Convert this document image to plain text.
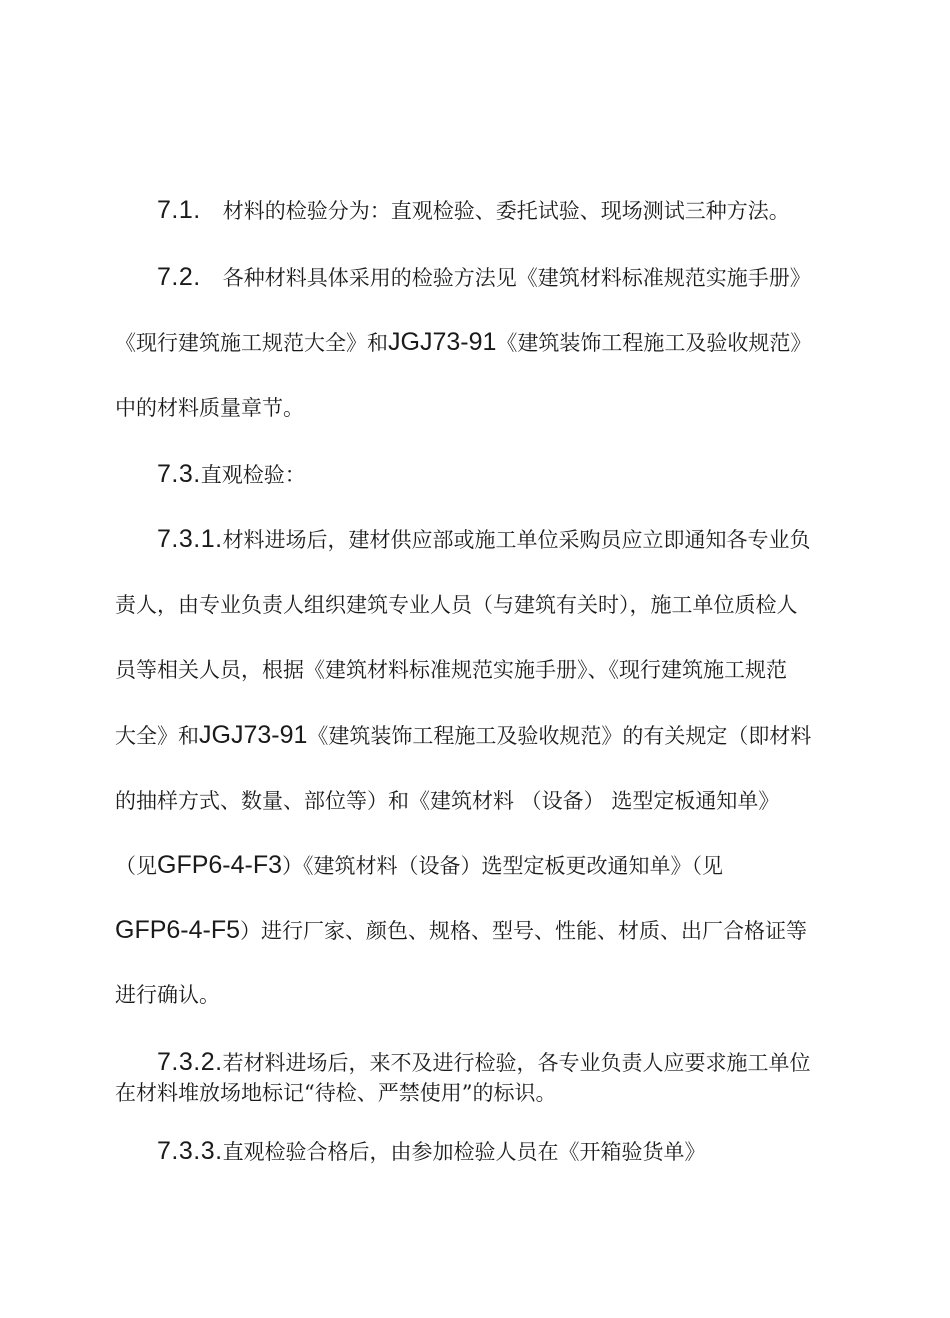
7.1. 材料的检验分为：直观检验、委托试验、现场测试三种方法。
7.2. 各种材料具体采用的检验方法见《建筑材料标准规范实施手册》
《现行建筑施工规范大全》和JGJ73-91《建筑装饰工程施工及验收规范》
中的材料质量章节。
7.3.直观检验：
7.3.1.材料进场后，建材供应部或施工单位采购员应立即通知各专业负
责人，由专业负责人组织建筑专业人员（与建筑有关时），施工单位质检人
员等相关人员，根据《建筑材料标准规范实施手册》、《现行建筑施工规范
大全》和JGJ73-91《建筑装饰工程施工及验收规范》的有关规定（即材料
的抽样方式、数量、部位等）和《建筑材料 （设备） 选型定板通知单》
（见GFP6-4-F3）《建筑材料（设备）选型定板更改通知单》（见
GFP6-4-F5）进行厂家、颜色、规格、型号、性能、材质、出厂合格证等
进行确认。
7.3.2.若材料进场后，来不及进行检验，各专业负责人应要求施工单位
在材料堆放场地标记“待检、严禁使用”的标识。
7.3.3.直观检验合格后，由参加检验人员在《开箱验货单》
